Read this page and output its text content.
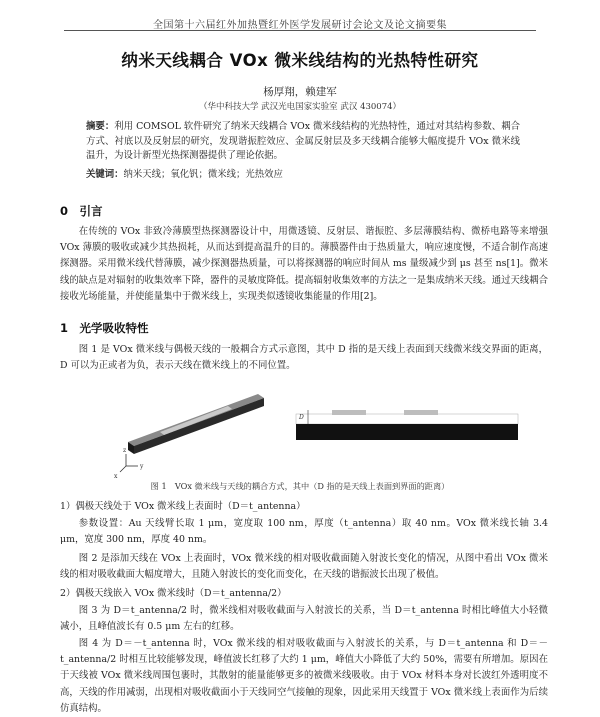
全国第十六届红外加热暨红外医学发展研讨会论文及论文摘要集
纳米天线耦合 VOx 微米线结构的光热特性研究
杨厚翔，赖建军
（华中科技大学 武汉光电国家实验室 武汉 430074）
摘要：利用 COMSOL 软件研究了纳米天线耦合 VOx 微米线结构的光热特性，通过对其结构参数、耦合方式、衬底以及反射层的研究，发现谐振腔效应、金属反射层及多天线耦合能够大幅度提升 VOx 微米线温升，为设计新型光热探测器提供了理论依据。
关键词：纳米天线；氧化钒；微米线；光热效应
0　引言
在传统的 VOx 非致冷薄膜型热探测器设计中，用微透镜、反射层、谐振腔、多层薄膜结构、微桥电路等来增强 VOx 薄膜的吸收或减少其热损耗，从而达到提高温升的目的。薄膜器件由于热质量大，响应速度慢，不适合制作高速探测器。采用微米线代替薄膜，减少探测器热质量，可以将探测器的响应时间从 ms 量级减少到 μs 甚至 ns[1]。微米线的缺点是对辐射的收集效率下降，器件的灵敏度降低。提高辐射收集效率的方法之一是集成纳米天线。通过天线耦合接收光场能量，并使能量集中于微米线上，实现类似透镜收集能量的作用[2]。
1　光学吸收特性
图 1 是 VOx 微米线与偶极天线的一般耦合方式示意图，其中 D 指的是天线上表面到天线微米线交界面的距离，D 可以为正或者为负，表示天线在微米线上的不同位置。
z
y
x
D
图 1　VOx 微米线与天线的耦合方式，其中（D 指的是天线上表面到界面的距离）
1）偶极天线处于 VOx 微米线上表面时（D＝t_antenna）
参数设置：Au 天线臂长取 1 μm，宽度取 100 nm，厚度（t_antenna）取 40 nm。VOx 微米线长轴 3.4 μm，宽度 300 nm，厚度 40 nm。
图 2 是添加天线在 VOx 上表面时，VOx 微米线的相对吸收截面随入射波长变化的情况，从图中看出 VOx 微米线的相对吸收截面大幅度增大，且随入射波长的变化而变化，在天线的谐振波长出现了极值。
2）偶极天线嵌入 VOx 微米线时（D＝t_antenna/2）
图 3 为 D＝t_antenna/2 时，微米线相对吸收截面与入射波长的关系，当 D＝t_antenna 时相比峰值大小轻微减小，且峰值波长有 0.5 μm 左右的红移。
图 4 为 D＝－t_antenna 时，VOx 微米线的相对吸收截面与入射波长的关系，与 D＝t_antenna 和 D＝－t_antenna/2 时相互比较能够发现，峰值波长红移了大约 1 μm，峰值大小降低了大约 50%，需要有所增加。原因在于天线被 VOx 微米线周围包裹时，其散射的能量能够更多的被微米线吸收。由于 VOx 材料本身对长波红外透明度不高，天线的作用减弱，出现相对吸收截面小于天线同空气接触的现象，因此采用天线置于 VOx 微米线上表面作为后续仿真结构。
